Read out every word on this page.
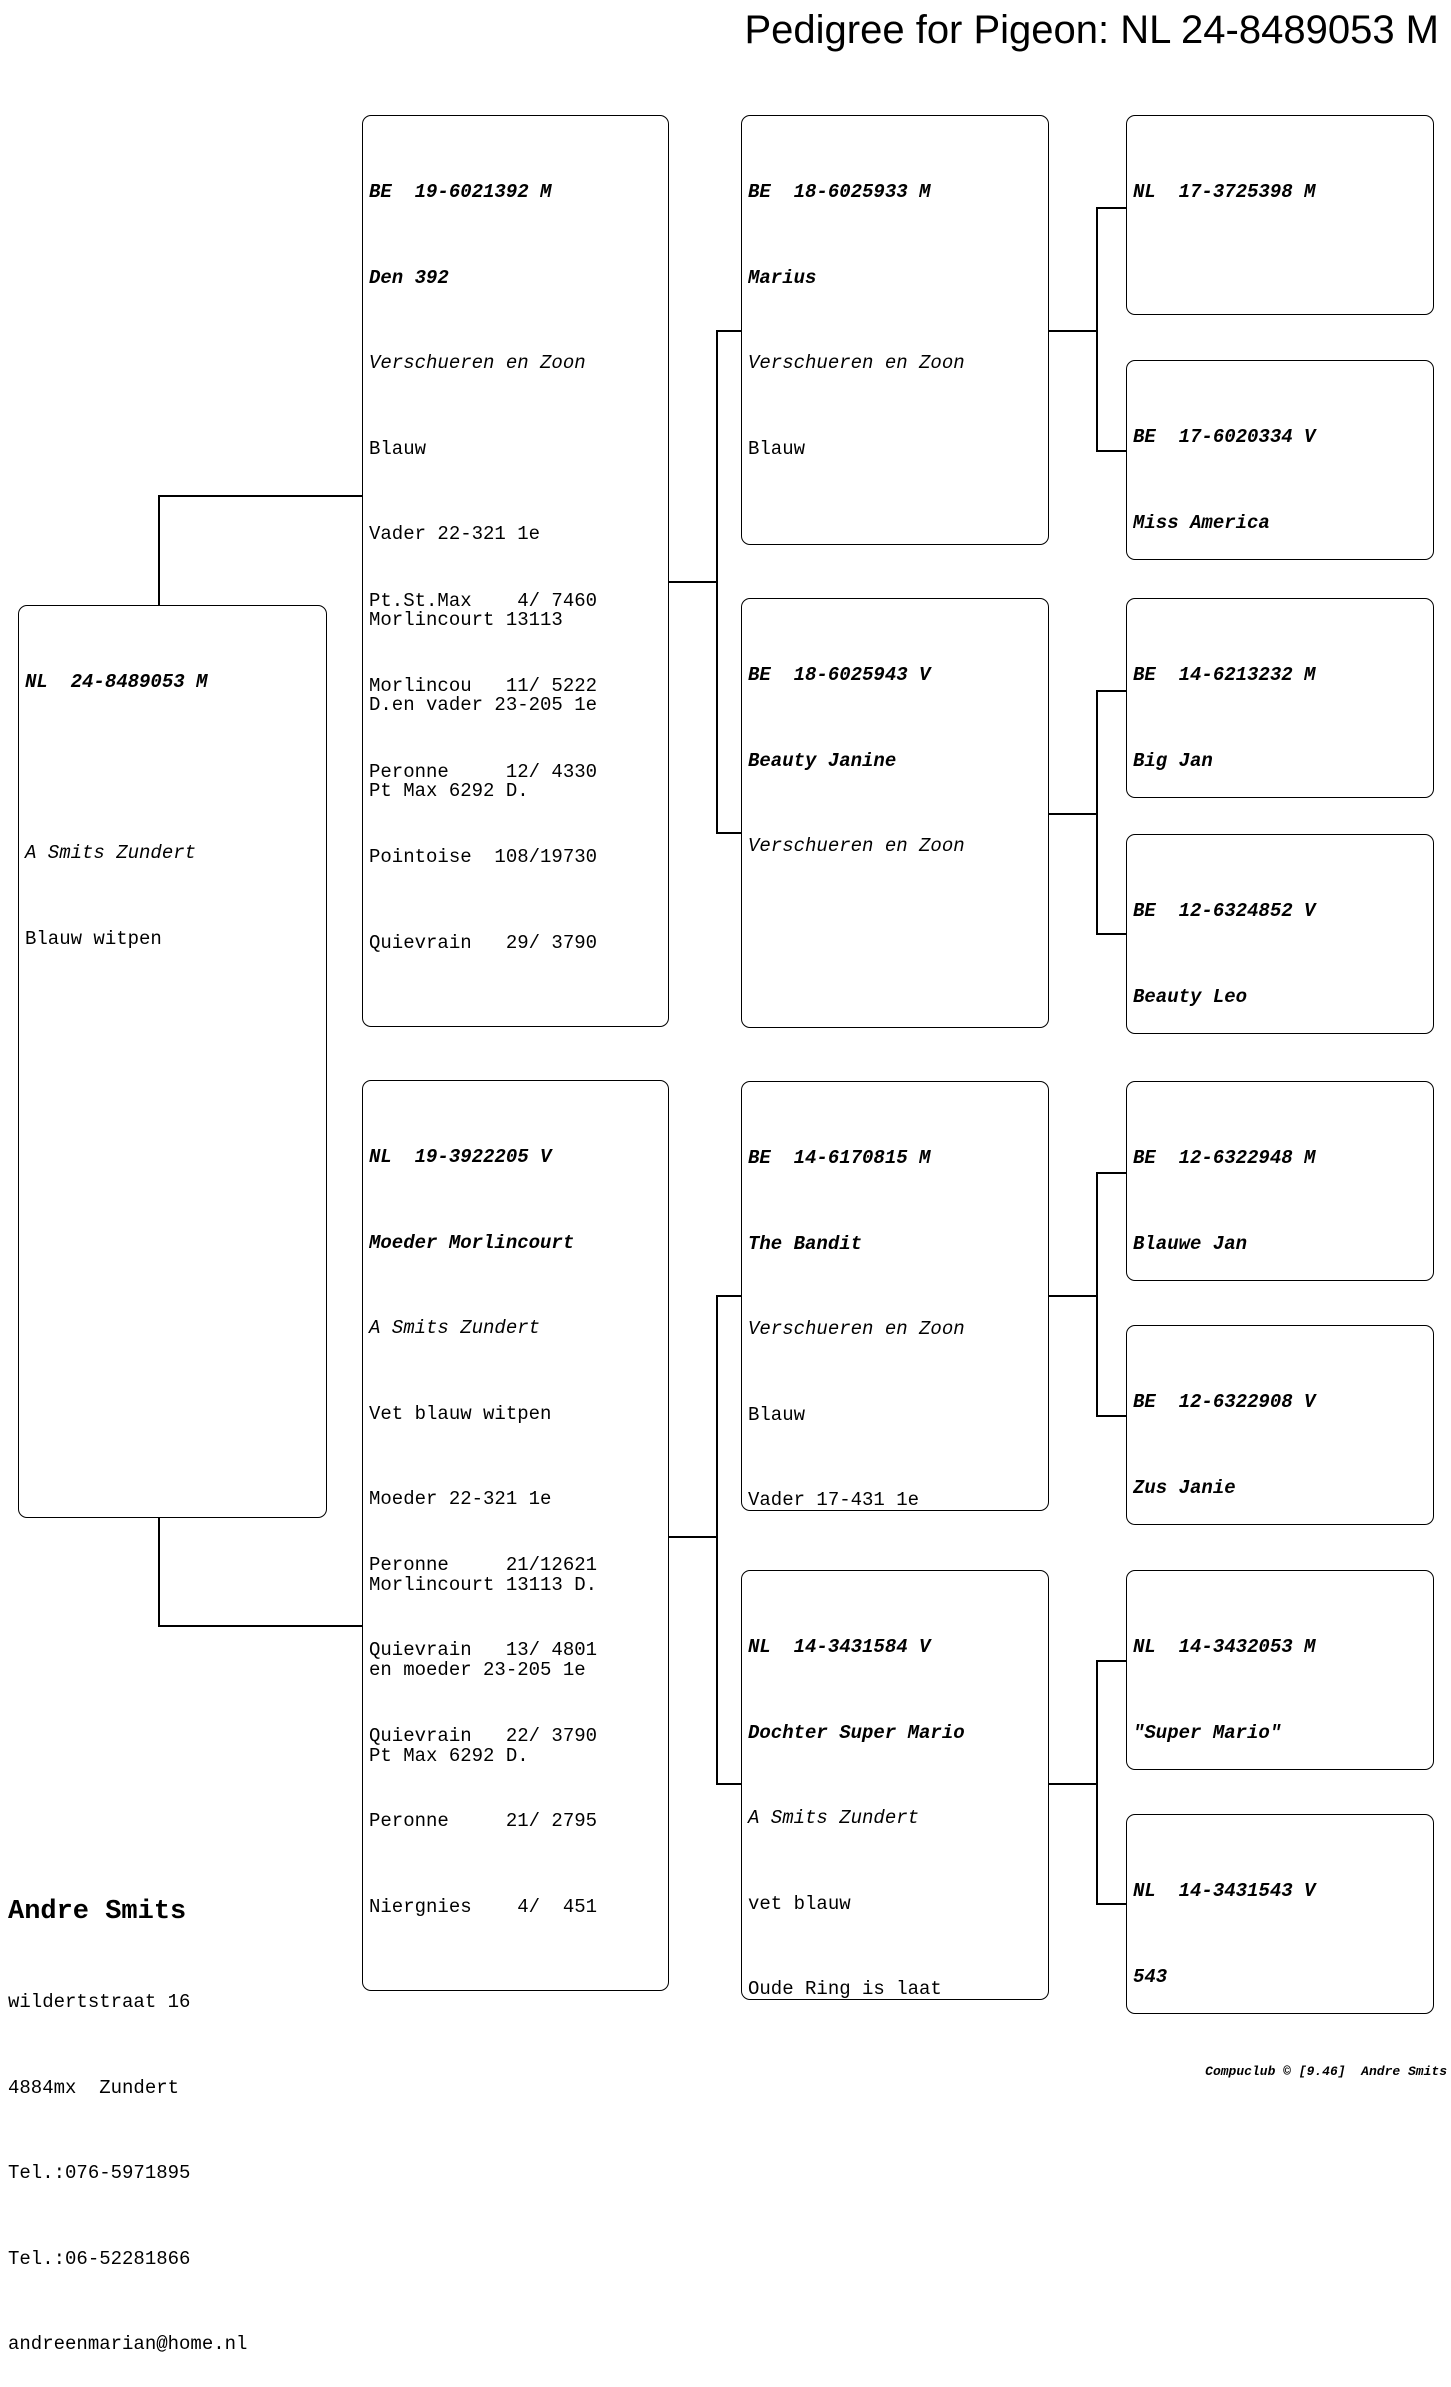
Pedigree for Pigeon: NL 24-8489053 M

NL  24-8489053 M

A Smits Zundert

Blauw witpen

BE  19-6021392 M

Den 392

Verschueren en Zoon

Blauw

Vader 22-321 1e

Morlincourt 13113

D.en vader 23-205 1e

Pt Max 6292 D.

Pt.St.Max    4/ 7460

Morlincou   11/ 5222

Peronne     12/ 4330

Pointoise  108/19730

Quievrain   29/ 3790

NL  19-3922205 V

Moeder Morlincourt

A Smits Zundert

Vet blauw witpen

Moeder 22-321 1e

Morlincourt 13113 D.

en moeder 23-205 1e

Pt Max 6292 D.

Peronne     21/12621

Quievrain   13/ 4801

Quievrain   22/ 3790

Peronne     21/ 2795

Niergnies    4/  451

BE  18-6025933 M

Marius

Verschueren en Zoon

Blauw

BE  18-6025943 V

Beauty Janine

Verschueren en Zoon

BE  14-6170815 M

The Bandit

Verschueren en Zoon

Blauw

Vader 17-431 1e

NL  14-3431584 V

Dochter Super Mario

A Smits Zundert

vet blauw

Oude Ring is laat

NL  17-3725398 M

BE  17-6020334 V

Miss America

BE  14-6213232 M

Big Jan

BE  12-6324852 V

Beauty Leo

BE  12-6322948 M

Blauwe Jan

BE  12-6322908 V

Zus Janie

NL  14-3432053 M

"Super Mario"

NL  14-3431543 V

543

Andre Smits

wildertstraat 16

4884mx  Zundert

Tel.:076-5971895

Tel.:06-52281866

andreenmarian@home.nl

Compuclub © [9.46]  Andre Smits
